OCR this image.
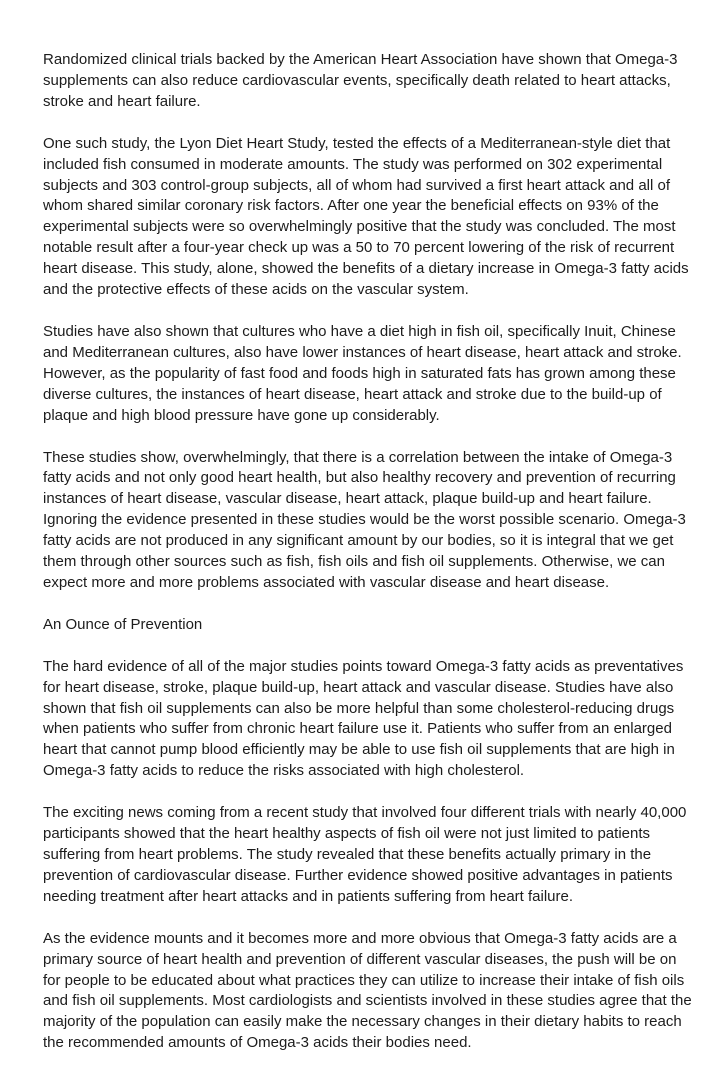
Randomized clinical trials backed by the American Heart Association have shown that Omega-3
supplements can also reduce cardiovascular events, specifically death related to heart attacks,
stroke and heart failure.

One such study, the Lyon Diet Heart Study, tested the effects of a Mediterranean-style diet that
included fish consumed in moderate amounts. The study was performed on 302 experimental
subjects and 303 control-group subjects, all of whom had survived a first heart attack and all of
whom shared similar coronary risk factors. After one year the beneficial effects on 93% of the
experimental subjects were so overwhelmingly positive that the study was concluded. The most
notable result after a four-year check up was a 50 to 70 percent lowering of the risk of recurrent
heart disease. This study, alone, showed the benefits of a dietary increase in Omega-3 fatty acids
and the protective effects of these acids on the vascular system.

Studies have also shown that cultures who have a diet high in fish oil, specifically Inuit, Chinese
and Mediterranean cultures, also have lower instances of heart disease, heart attack and stroke.
However, as the popularity of fast food and foods high in saturated fats has grown among these
diverse cultures, the instances of heart disease, heart attack and stroke due to the build-up of
plaque and high blood pressure have gone up considerably.

These studies show, overwhelmingly, that there is a correlation between the intake of Omega-3
fatty acids and not only good heart health, but also healthy recovery and prevention of recurring
instances of heart disease, vascular disease, heart attack, plaque build-up and heart failure.
Ignoring the evidence presented in these studies would be the worst possible scenario. Omega-3
fatty acids are not produced in any significant amount by our bodies, so it is integral that we get
them through other sources such as fish, fish oils and fish oil supplements. Otherwise, we can
expect more and more problems associated with vascular disease and heart disease.

An Ounce of Prevention

The hard evidence of all of the major studies points toward Omega-3 fatty acids as preventatives
for heart disease, stroke, plaque build-up, heart attack and vascular disease. Studies have also
shown that fish oil supplements can also be more helpful than some cholesterol-reducing drugs
when patients who suffer from chronic heart failure use it. Patients who suffer from an enlarged
heart that cannot pump blood efficiently may be able to use fish oil supplements that are high in
Omega-3 fatty acids to reduce the risks associated with high cholesterol.

The exciting news coming from a recent study that involved four different trials with nearly 40,000
participants showed that the heart healthy aspects of fish oil were not just limited to patients
suffering from heart problems. The study revealed that these benefits actually primary in the
prevention of cardiovascular disease. Further evidence showed positive advantages in patients
needing treatment after heart attacks and in patients suffering from heart failure.

As the evidence mounts and it becomes more and more obvious that Omega-3 fatty acids are a
primary source of heart health and prevention of different vascular diseases, the push will be on
for people to be educated about what practices they can utilize to increase their intake of fish oils
and fish oil supplements. Most cardiologists and scientists involved in these studies agree that the
majority of the population can easily make the necessary changes in their dietary habits to reach
the recommended amounts of Omega-3 acids their bodies need.
